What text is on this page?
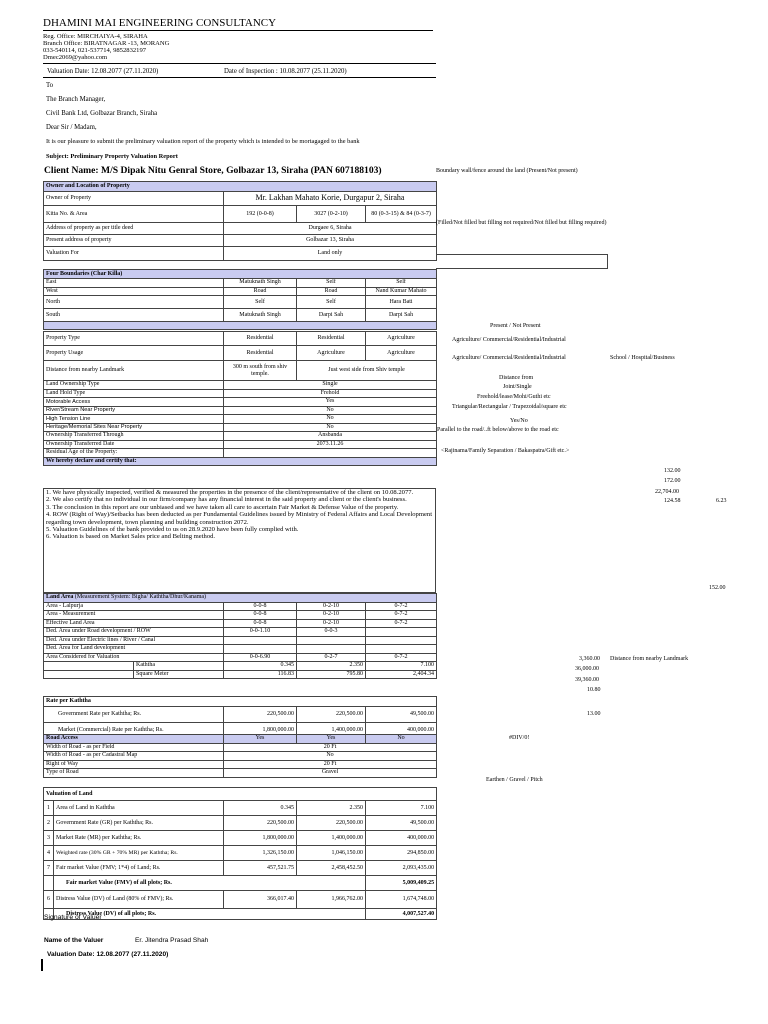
DHAMINI MAI ENGINEERING CONSULTANCY
Reg. Office: MIRCHAIYA-4, SIRAHA
Branch Office: BIRATNAGAR -13, MORANG
033-540114, 021-537714, 9852832197
Dmec2069@yahoo.com
Valuation Date: 12.08.2077 (27.11.2020)	Date of Inspection : 10.08.2077 (25.11.2020)
To
The Branch Manager,
Civil Bank Ltd, Golbazar Branch, Siraha
Dear Sir / Madam,
It is our pleasure to submit the preliminary valuation report of the property which is intended to be mortagaged to the bank
Subject: Preliminary Property Valuation Report
Client Name: M/S Dipak Nitu Genral Store, Golbazar 13, Siraha (PAN 607188103)	Boundary wall/fence around the land (Present/Not present)
Owner and Location of Property			
Owner of Property	Mr. Lakhan Mahato Korie, Durgapur 2, Siraha		
Kitta No. & Area	192 (0-0-8)	3027 (0-2-10)	80 (0-3-15) & 84 (0-3-7)
Address of property as per title deed	Durgaee 6, Siraha		
Present address of property	Golbazar 13, Siraha		
Valuation For	Land only		
(Filled/Not filled but filling not required/Not filled but filling required)
Four Boundaries (Char Killa)			
East	Matuknath Singh	Self	Self
West	Road	Road	Nand Kumar Mahato
North	Self	Self	Hara Bati
South	Matuknath Singh	Darpi Sah	Darpi Sah

Present / Not Present
Property Type	Residential	Residential	Agriculture
Property Usage	Residential	Agriculture	Agriculture
Distance from nearby Landmark	300 m south from shiv temple.	Just west side from Shiv temple	
Land Ownership Type	Single		
Land Hold Type	Frehold		
Motorable Access	Yes		
River/Stream Near Property	No		
High Tension Line	No		
Heritage/Memorial Sites Near Property	No		
Ownership Transferred Through	Ansbanda		
Ownership Transferred Date	2073.11.26		
Residual Age of the Property:			
We hereby declare and certify that:			
1. We have physically inspected, verified & measured the properties in the presence of the client/representative of the client on 10.08.2077.
2. We also certify that no individual in our firm/company has any financial interest in the said property and client or the client's business.
3. The conclusion in this report are our unbiased and we have taken all care to ascertain Fair Market & Defense Value of the property.
4. ROW (Right of Way)/Setbacks has been deducted as per Fundamental Guidelines issued by Ministry of Federal Affairs and Local Development regarding town development, town planning and building construction 2072.
5. Valuation Guidelines of the bank provided to us on 28.9.2020 have been fully complied with.
6. Valuation is based on Market Sales price and Belting method.
Agriculture/ Commercial/Residential/Industrial
Agriculture/ Commercial/Residential/Industrial	School / Hospital/Business
Distance from
Joint/Single
Freehold/lease/Mohi/Guthi etc
Triangular/Rectangular / Trapezoidal/square etc
Yes/No
Parallel to the road/..ft below/above to the road etc
<Rajinama/Family Separation / Bakaspatra/Gift etc.>
132.00
172.00
22,704.00
124.58	6.23
152.00
Land Area (Measurement System: Bigha/ Kaththa/Dhur/Kanama)				
Area - Lalpurja		0-0-8	0-2-10	0-7-2
Area - Measurement		0-0-8	0-2-10	0-7-2
Effective Land Area		0-0-8	0-2-10	0-7-2
Ded. Area under Road development / ROW		0-0-1.10	0-0-3	
Ded. Area under Electric lines / River / Canal				
Ded. Area for Land development				
Area Considered for Valuation		0-0-6.90	0-2-7	0-7-2
	Kaththa	0.345	2.350	7.100
	Square Meter	116.83	795.80	2,404.34
Rate per Kaththa			
Government Rate per Kaththa; Rs.	220,500.00	220,500.00	49,500.00
Market (Commercial) Rate per Kaththa; Rs.	1,800,000.00	1,400,000.00	400,000.00
Road Access	Yes	Yes	No
Width of Road - as per Field	20 Ft		
Width of Road - as per Cadastral Map	No		
Right of Way	20 Ft		
Type of Road	Gravel		
Valuation of Land				
1	Area of Land in Kaththa	0.345	2.350	7.100
2	Government Rate (GR) per Kaththa; Rs.	220,500.00	220,500.00	49,500.00
3	Market Rate (MR) per Kaththa; Rs.	1,800,000.00	1,400,000.00	400,000.00
4	Weighted rate (30% GR + 70% MR) per Kaththa; Rs.	1,326,150.00	1,046,150.00	294,850.00
7	Fair market Value (FMV; 1*4) of Land; Rs.	457,521.75	2,458,452.50	2,093,435.00
	Fair market Value (FMV) of all plots; Rs.			5,009,409.25
6	Distress Value (DV) of Land (80% of FMV); Rs.	366,017.40	1,966,762.00	1,674,748.00
	Distress Value (DV) of all plots; Rs.			4,007,527.40
3,360.00 Distance from nearby Landmark
36,000.00
39,360.00
10.80
13.00
#DIV/0!
Earthen / Gravel / Pitch
Signature of Valuer
Name of the Valuer	Er. Jitendra Prasad Shah
Valuation Date: 12.08.2077 (27.11.2020)
